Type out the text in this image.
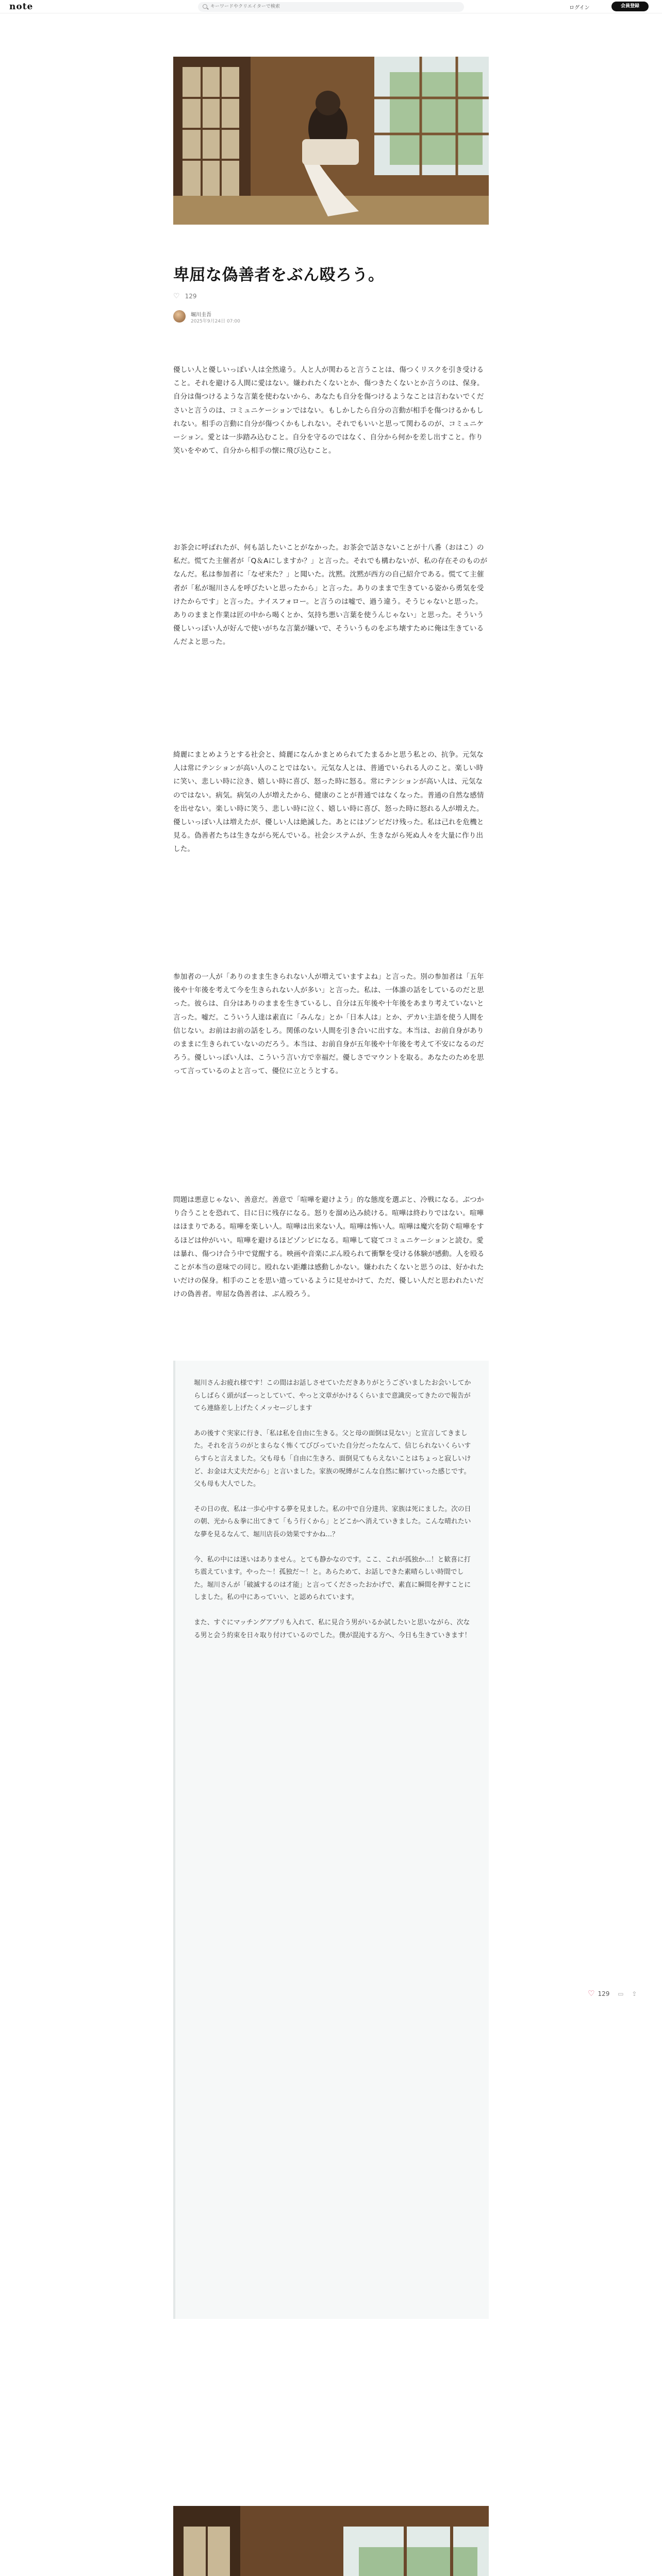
note
キーワードやクリエイターで検索	ログイン	会員登録
卑屈な偽善者をぶん殴ろう。
♡ 129
堀川圭吾
2025年9月24日 07:00
優しい人と優しいっぽい人は全然違う。人と人が関わると言うことは、傷つくリスクを引き受けること。それを避ける人間に愛はない。嫌われたくないとか、傷つきたくないとか言うのは、保身。自分は傷つけるような言葉を使わないから、あなたも自分を傷つけるようなことは言わないでくださいと言うのは、コミュニケーションではない。もしかしたら自分の言動が相手を傷つけるかもしれない。相手の言動に自分が傷つくかもしれない。それでもいいと思って関わるのが、コミュニケーション。愛とは一歩踏み込むこと。自分を守るのではなく、自分から何かを差し出すこと。作り笑いをやめて、自分から相手の懐に飛び込むこと。
お茶会に呼ばれたが、何も話したいことがなかった。お茶会で話さないことが十八番（おはこ）の私だ。慌てた主催者が「Q＆Aにしますか？」と言った。それでも構わないが、私の存在そのものがなんだ。私は参加者に「なぜ来た？」と聞いた。沈黙。沈黙が西方の自己紹介である。慌てて主催者が「私が堀川さんを呼びたいと思ったから」と言った。ありのままで生きている姿から勇気を受けたからです」と言った。ナイスフォロー。と言うのは嘘で、過う違う。そうじゃないと思った。ありのままと作業は匠の中から喝くとか、気持ち悪い言葉を使うんじゃない」と思った。そういう優しいっぽい人が好んで使いがちな言葉が嫌いで、そういうものをぶち壊すために俺は生きているんだよと思った。
綺麗にまとめようとする社会と、綺麗になんかまとめられてたまるかと思う私との、抗争。元気な人は常にテンションが高い人のことではない。元気な人とは、普通でいられる人のこと。楽しい時に笑い、悲しい時に泣き、嬉しい時に喜び、怒った時に怒る。常にテンションが高い人は、元気なのではない。病気。病気の人が増えたから、健康のことが普通ではなくなった。普通の自然な感情を出せない。楽しい時に笑う、悲しい時に泣く、嬉しい時に喜び、怒った時に怒れる人が増えた。優しいっぽい人は増えたが、優しい人は絶滅した。あとにはゾンビだけ残った。私は己れを危機と見る。偽善者たちは生きながら死んでいる。社会システムが、生きながら死ぬ人々を大量に作り出した。
参加者の一人が「ありのまま生きられない人が増えていますよね」と言った。別の参加者は「五年後や十年後を考えて今を生きられない人が多い」と言った。私は、一体誰の話をしているのだと思った。彼らは、自分はありのままを生きているし、自分は五年後や十年後をあまり考えていないと言った。嘘だ。こういう人達は素直に「みんな」とか「日本人は」とか、デカい主語を使う人間を信じない。お前はお前の話をしろ。関係のない人間を引き合いに出すな。本当は、お前自身がありのままに生きられていないのだろう。本当は、お前自身が五年後や十年後を考えて不安になるのだろう。優しいっぽい人は、こういう言い方で幸福だ。優しさでマウントを取る。あなたのためを思って言っているのよと言って、優位に立とうとする。
問題は悪意じゃない、善意だ。善意で「喧嘩を避けよう」的な態度を選ぶと、冷戦になる。ぶつかり合うことを恐れて、目に日に残存になる。怒りを溜め込み続ける。喧嘩は終わりではない。喧嘩はほまりである。喧嘩を楽しい人。喧嘩は出来ない人。喧嘩は怖い人。喧嘩は魔穴を防ぐ喧嘩をするほどは仲がいい。喧嘩を避けるほどゾンビになる。喧嘩して寝てコミュニケーションと読む。愛は暴れ、傷つけ合う中で覚醒する。映画や音楽にぶん殴られて衝撃を受ける体験が感動。人を殴ることが本当の意味での同じ。殴れない距離は感動しかない。嫌われたくないと思うのは、好かれたいだけの保身。相手のことを思い遣っているように見せかけて、ただ、優しい人だと思われたいだけの偽善者。卑屈な偽善者は、ぶん殴ろう。

堀川さんお疲れ様です！この間はお話しさせていただきありがとうございましたお会いしてからしばらく頭がぼーっとしていて、やっと文章がかけるくらいまで意識戻ってきたので報告がてら連絡差し上げたくメッセージします

あの後すぐ実家に行き、「私は私を自由に生きる。父と母の面倒は見ない」と宣言してきました。それを言うのがとまらなく怖くてびびっていた自分だったなんて、信じられないくらいすらすらと言えました。父も母も「自由に生きろ、面倒見てもらえないことはちょっと寂しいけど、お金は大丈夫だから」と言いました。家族の呪縛がこんな自然に解けていった感じです。父も母も大人でした。

その日の夜、私は一歩心中する夢を見ました。私の中で自分達共、家族は死にました。次の日の朝、光から＆拳に出てきて「もう行くから」とどこかへ消えていきました。こんな晴れたいな夢を見るなんて、堀川店長の効果ですかね...？

今、私の中には迷いはありません。とても静かなのです。ここ、これが孤独か...！と歓喜に打ち震えています。やった〜！孤独だ〜！と。あらためて、お話しできた素晴らしい時間でした。堀川さんが「破滅するのは才能」と言ってくださったおかげで、素直に瞬間を押すことにしました。私の中にあっていい、と認められています。

また、すぐにマッチングアプリも入れて、私に見合う男がいるか試したいと思いながら、次なる男と会う約束を日々取り付けているのでした。僕が混沌する方へ、今日も生きていきます！

♡ 129 ▭ ⇪
